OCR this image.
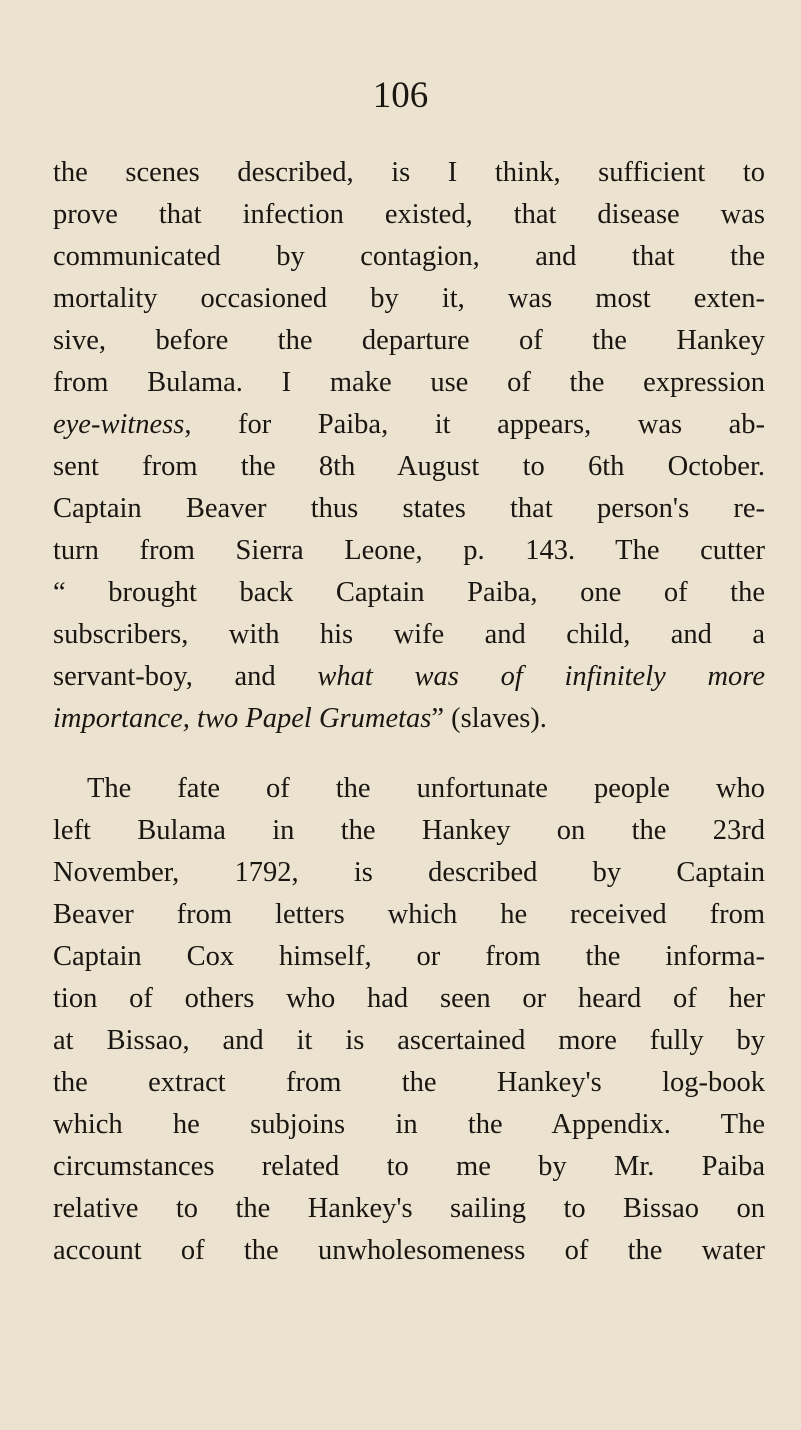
106
the scenes described, is I think, sufficient to
prove that infection existed, that disease was
communicated by contagion, and that the
mortality occasioned by it, was most exten-
sive, before the departure of the Hankey
from Bulama. I make use of the expression
eye-witness, for Paiba, it appears, was ab-
sent from the 8th August to 6th October.
Captain Beaver thus states that person's re-
turn from Sierra Leone, p. 143. The cutter
“ brought back Captain Paiba, one of the
subscribers, with his wife and child, and a
servant-boy, and what was of infinitely more
importance, two Papel Grumetas” (slaves).
The fate of the unfortunate people who
left Bulama in the Hankey on the 23rd
November, 1792, is described by Captain
Beaver from letters which he received from
Captain Cox himself, or from the informa-
tion of others who had seen or heard of her
at Bissao, and it is ascertained more fully by
the extract from the Hankey's log-book
which he subjoins in the Appendix. The
circumstances related to me by Mr. Paiba
relative to the Hankey's sailing to Bissao on
account of the unwholesomeness of the water
